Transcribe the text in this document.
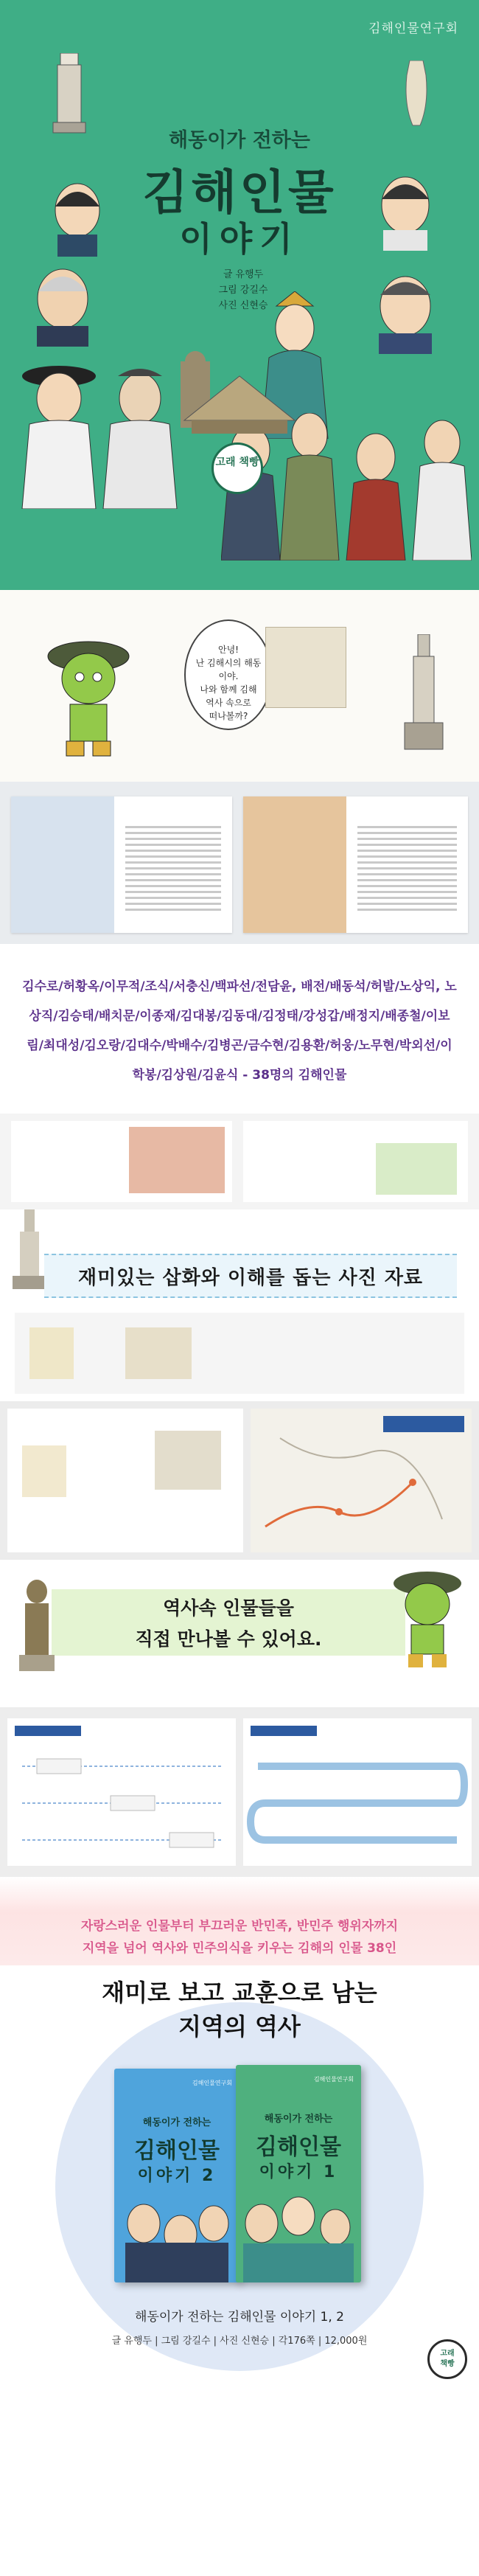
김해인물연구회
해동이가 전하는
김해인물
이야기
글 유행두
그림 강길수
사진 신현승
고래 책빵
안녕!
난 김해시의 해동이야.
나와 함께 김해
역사 속으로
떠나볼까?
김수로/허황옥/이무적/조식/서충신/백파선/전담윤, 배전/배동석/허발/노상익, 노상직/김승태/배치문/이종재/김대봉/김동대/김정태/강성갑/배정지/배종철/이보림/최대성/김오랑/김대수/박배수/김병곤/금수현/김용환/허웅/노무현/박외선/이학봉/김상원/김윤식 - 38명의 김해인물
재미있는 삽화와 이해를 돕는 사진 자료
역사속 인물들을
직접 만나볼 수 있어요.
자랑스러운 인물부터 부끄러운 반민족, 반민주 행위자까지
지역을 넘어 역사와 민주의식을 키우는 김해의 인물 38인
재미로 보고 교훈으로 남는
지역의 역사
김해인물연구회
해동이가 전하는
김해인물
이야기 2
김해인물연구회
해동이가 전하는
김해인물
이야기 1
해동이가 전하는 김해인물 이야기 1, 2
글 유행두 | 그림 강길수 | 사진 신현승 | 각176쪽 | 12,000원
고래
책빵
